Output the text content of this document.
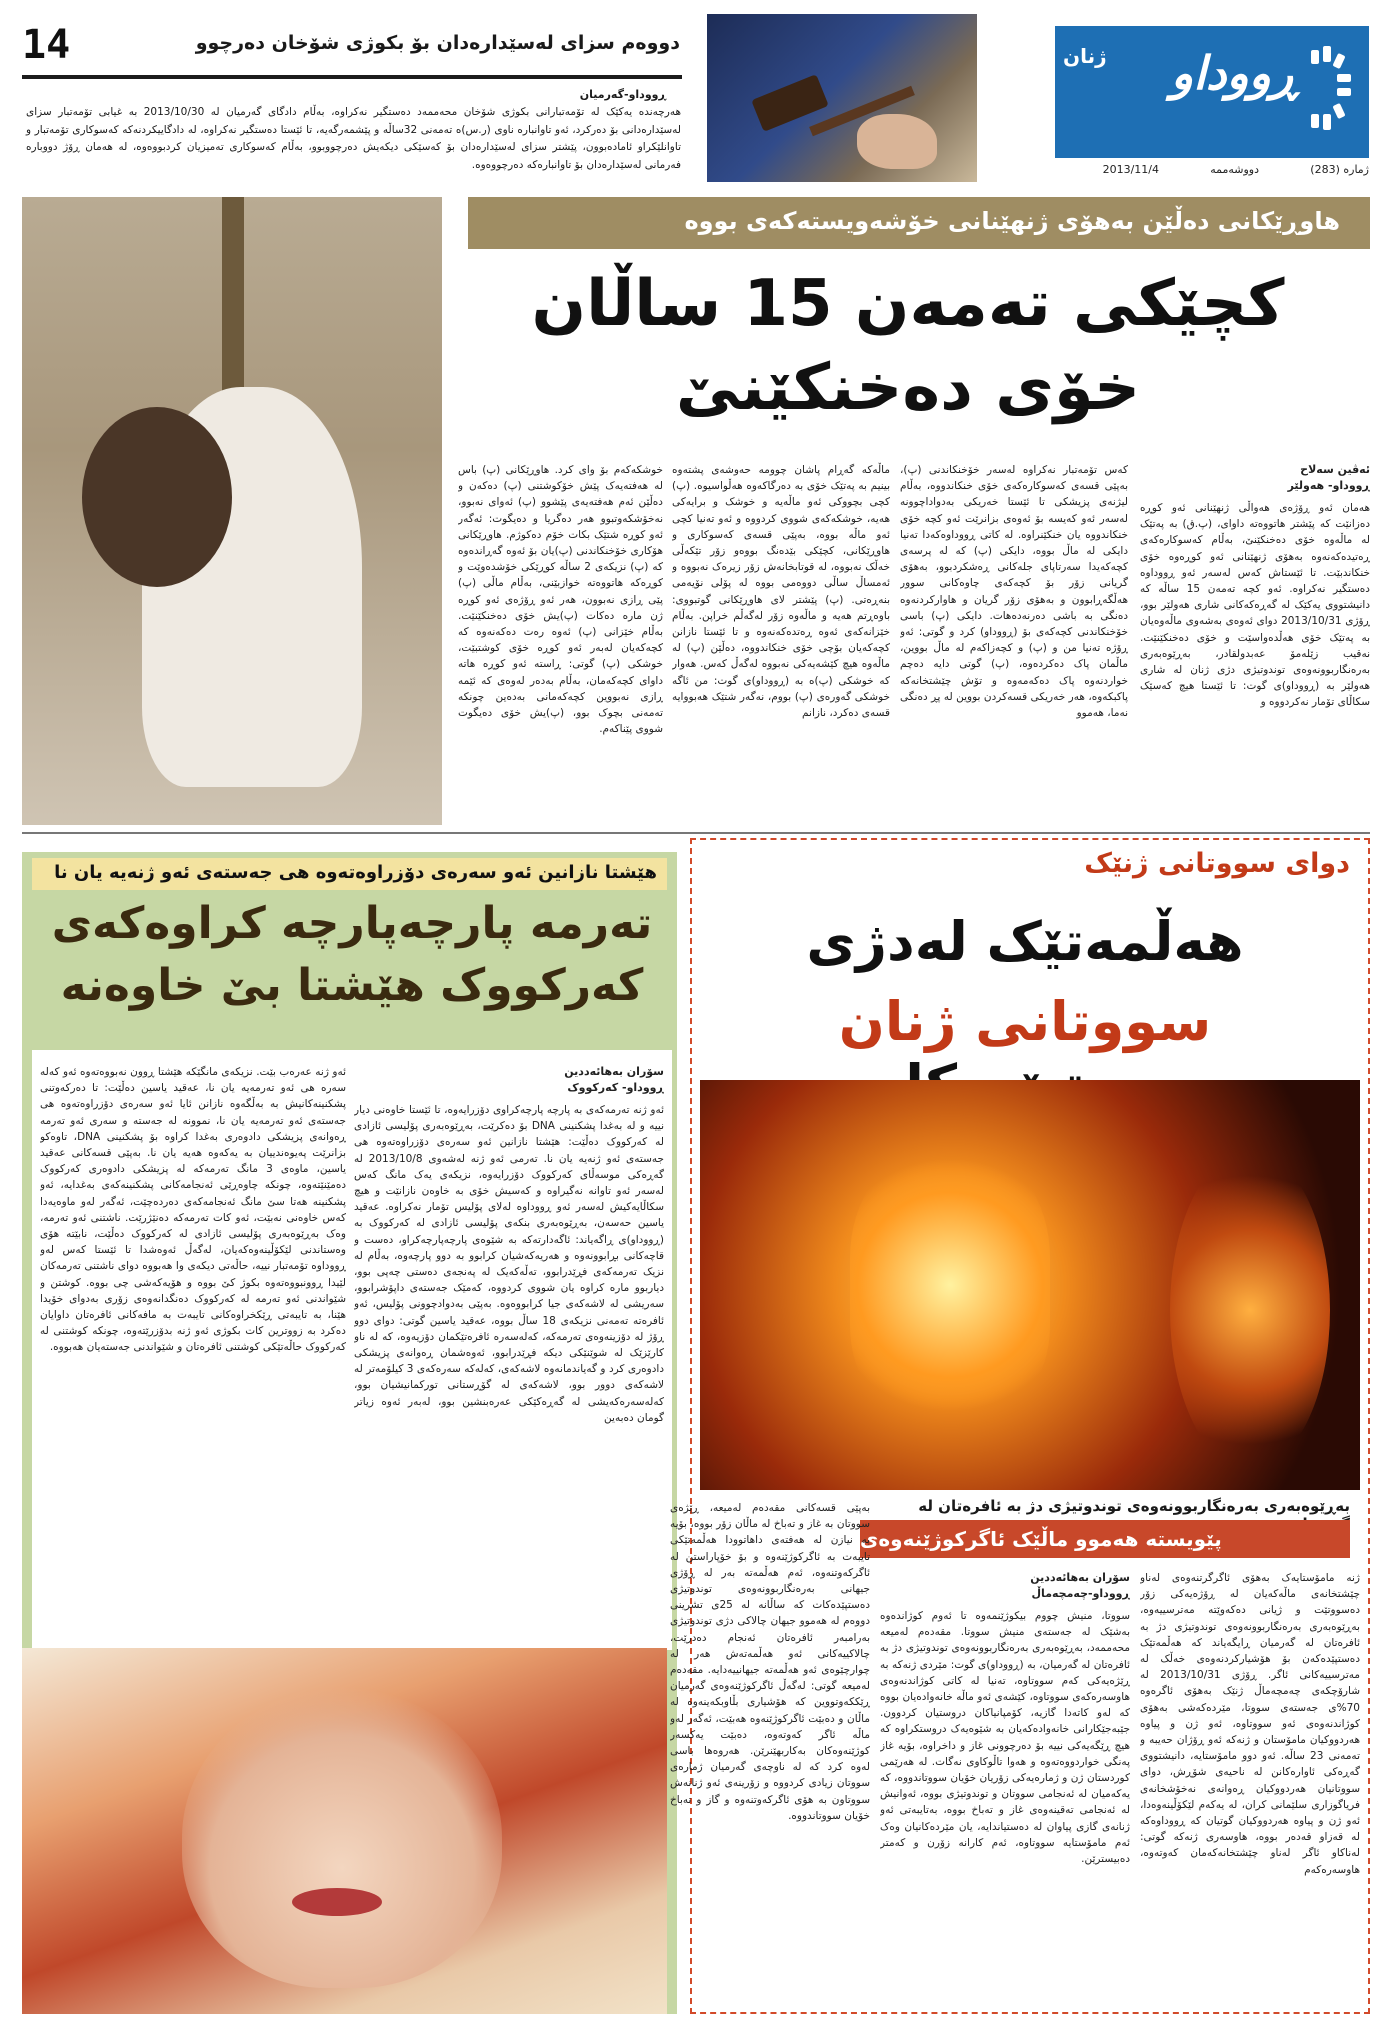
14	دووەم سزای لەسێدارەدان بۆ بکوژی شۆخان دەرچوو
ڕووداو-گەرمیان
هەرچەندە یەکێک لە تۆمەتبارانی بکوژی شۆخان محەممەد دەستگیر نەکراوە، بەڵام دادگای گەرمیان لە 2013/10/30 بە غیابی تۆمەتبار سزای لەسێدارەدانی بۆ دەرکرد، ئەو تاوانبارە ناوی (ر.س)ە تەمەنی 32ساڵە و پێشمەرگەیە، تا ئێستا دەستگیر نەکراوە، لە دادگاییکردنەکە کەسوکاری تۆمەتبار و تاوانلێکراو ئامادەبوون، پێشتر سزای لەسێدارەدان بۆ کەسێکی دیکەیش دەرچووبوو، بەڵام کەسوکاری تەمیزیان کردبووەوە، لە هەمان ڕۆژ دووبارە فەرمانی لەسێدارەدان بۆ تاوانبارەکە دەرچووەوە.
ژنان ڕووداو
ژمارە (283)
دووشەممە
2013/11/4
هاوڕێکانی دەڵێن بەهۆی ژنهێنانی خۆشەویستەکەی بووە
کچێکی تەمەن 15 ساڵان
خۆی دەخنکێنێ
ئەڤین سەلاح
ڕووداو- هەولێر

هەمان ئەو ڕۆژەی هەواڵی ژنهێنانی ئەو کوڕە دەزانێت کە پێشتر هاتووەتە داوای، (پ.ق) بە پەتێک لە ماڵەوە خۆی دەخنکێنێ، بەڵام کەسوکارەکەی ڕەتیدەکەنەوە بەهۆی ژنهێنانی ئەو کوڕەوە خۆی خنکاندبێت. تا ئێستاش کەس لەسەر ئەو ڕووداوە دەستگیر نەکراوە. ئەو کچە تەمەن 15 ساڵە کە دانیشتووی یەکێک لە گەڕەکەکانی شاری هەولێر بوو، ڕۆژی 2013/10/31 دوای ئەوەی بەشەوی ماڵەوەیان بە پەتێک خۆی هەڵدەواسێت و خۆی دەخنکێنێت. نەقیب زێلەمۆ عەبدولقادر، بەڕێوەبەری بەرەنگاربوونەوەی توندوتیژی دژی ژنان لە شاری هەولێر بە (ڕووداو)ی گوت: تا ئێستا هیچ کەسێک سکاڵای تۆمار نەکردووە و

کەس تۆمەتبار نەکراوە لەسەر خۆخنکاندنی (پ)، بەپێی قسەی کەسوکارەکەی خۆی خنکاندووە، بەڵام لیژنەی پزیشکی تا ئێستا خەریکی بەدواداچوونە لەسەر ئەو کەیسە بۆ ئەوەی بزانرێت ئەو کچە خۆی خنکاندووە یان خنکێنراوە. لە کاتی ڕووداوەکەدا تەنیا دایکی لە ماڵ بووە، دایکی (پ) کە لە پرسەی کچەکەیدا سەرتاپای جلەکانی ڕەشکردبوو، بەهۆی گریانی زۆر بۆ کچەکەی چاوەکانی سوور هەڵگەڕابوون و بەهۆی زۆر گریان و هاوارکردنەوە دەنگی بە باشی دەرنەدەهات. دایکی (پ) باسی خۆخنکاندنی کچەکەی بۆ (ڕووداو) کرد و گوتی: ئەو ڕۆژە تەنیا من و (پ) و کچەزاکەم لە ماڵ بووین، ماڵمان پاک دەکردەوە، (پ) گوتی دایە دەچم خواردنەوە پاک دەکەمەوە و تۆش چێشتخانەکە پاکبکەوە، هەر خەریکی قسەکردن بووین لە پڕ دەنگی نەما، هەموو

ماڵەکە گەڕام پاشان چوومە حەوشەی پشتەوە بینیم بە پەتێک خۆی بە دەرگاکەوە هەڵواسیوە. (پ) کچی بچووکی ئەو ماڵەیە و خوشک و برایەکی هەیە، خوشکەکەی شووی کردووە و ئەو تەنیا کچی ئەو ماڵە بووە، بەپێی قسەی کەسوکاری و هاوڕێکانی، کچێکی بێدەنگ بووەو زۆر تێکەڵی خەڵک نەبووە، لە قوتابخانەش زۆر زیرەک نەبووە و ئەمساڵ ساڵی دووەمی بووە لە پۆلی نۆیەمی بنەڕەتی. (پ) پێشتر لای هاوڕێکانی گوتبووی: باوەڕتم هەیە و ماڵەوە زۆر لەگەڵم خراپن. بەڵام خێزانەکەی ئەوە ڕەتدەکەنەوە و تا ئێستا نازانن کچەکەیان بۆچی خۆی خنکاندووە، دەڵێن (پ) لە ماڵەوە هیچ کێشەیەکی نەبووە لەگەڵ کەس. هەوار کە خوشکی (پ)ە بە (ڕووداو)ی گوت: من ئاگە خوشکی گەورەی (پ) بووم، نەگەر شتێک هەبووایە قسەی دەکرد، نازانم

خوشکەکەم بۆ وای کرد. هاوڕێکانی (پ) باس لە هەفتەیەک پێش خۆکوشتنی (پ) دەکەن و دەڵێن ئەم هەفتەیەی پێشوو (پ) ئەوای نەبوو، نەخۆشکەوتبوو هەر دەگریا و دەیگوت: ئەگەر ئەو کوڕە شتێک بکات خۆم دەکوژم. هاوڕێکانی هۆکاری خۆخنکاندنی (پ)یان بۆ ئەوە گەڕاندەوە کە (پ) نزیکەی 2 ساڵە کوڕێکی خۆشدەوێت و کوڕەکە هاتووەتە خوازبێنی، بەڵام ماڵی (پ) پێی ڕازی نەبوون، هەر ئەو ڕۆژەی ئەو کوڕە ژن مارە دەکات (پ)یش خۆی دەخنکێنێت. بەڵام خێزانی (پ) ئەوە رەت دەکەنەوە کە کچەکەیان لەبەر ئەو کوڕە خۆی کوشتبێت، خوشکی (پ) گوتی: ڕاستە ئەو کوڕە هاتە داوای کچەکەمان، بەڵام بەدەر لەوەی کە ئێمە ڕازی نەبووین کچەکەمانی بەدەین چونکە تەمەنی بچوک بوو، (پ)یش خۆی دەیگوت شووی پێناکەم.

هێشتا نازانین ئەو سەرەی دۆزراوەتەوە هی جەستەی ئەو ژنەیە یان نا
تەرمە پارچەپارچە کراوەکەی
کەرکووک هێشتا بێ خاوەنە
سۆران بەهائەددین
ڕووداو- کەرکووک

ئەو ژنە تەرمەکەی بە پارچە پارچەکراوی دۆزرایەوە، تا ئێستا خاوەنی دیار نییە و لە بەغدا پشکنینی DNA بۆ دەکرێت، بەڕێوەبەری پۆلیسی ئازادی لە کەرکووک دەڵێت: هێشتا نازانین ئەو سەرەی دۆزراوەتەوە هی جەستەی ئەو ژنەیە یان نا. تەرمی ئەو ژنە لەشەوی 2013/10/8 لە گەڕەکی موسەڵای کەرکووک دۆزرایەوە، نزیکەی یەک مانگ کەس لەسەر ئەو تاوانە نەگیراوە و کەسیش خۆی بە خاوەن نازانێت و هیچ سکاڵایەکیش لەسەر ئەو ڕووداوە لەلای پۆلیس تۆمار نەکراوە. عەقید یاسین حەسەن، بەڕێوەبەری بنکەی پۆلیسی ئازادی لە کەرکووک بە (ڕووداو)ی ڕاگەیاند: ئاگەدارتەکە بە شێوەی پارچەپارچەکراو، دەست و قاچەکانی بڕابوونەوە و هەریەکەشیان کرابوو بە دوو پارچەوە، بەڵام لە نزیک تەرمەکەی فڕێدرابوو، تەڵەکەیک لە پەنجەی دەستی چەپی بوو، دیاربوو مارە کراوە یان شووی کردووە، کەمێک جەستەی داپۆشرابوو، سەریشی لە لاشەکەی جیا کرابووەوە. بەپێی بەدوادچوونی پۆلیس، ئەو ئافرەتە تەمەنی نزیکەی 18 ساڵ بووە، عەقید یاسین گوتی: دوای دوو ڕۆژ لە دۆزینەوەی تەرمەکە، کەلەسەرە ئافرەتێکمان دۆزیەوە، کە لە ناو کارێزێک لە شوێنێکی دیکە فڕێدرابوو، ئەوەشمان ڕەوانەی پزیشکی دادوەری کرد و گەیاندمانەوە لاشەکەی، کەلەکە سەرەکەی 3 کیلۆمەتر لە لاشەکەی دوور بوو، لاشەکەی لە گۆڕستانی تورکمانیشیان بوو، کەلەسەرەکەیشی لە گەڕەکێکی عەرەبنشین بوو، لەبەر ئەوە زیاتر گومان دەبەین

ئەو ژنە عەرەب بێت. نزیکەی مانگێکە هێشتا ڕوون نەبووەتەوە ئەو کەلە سەرە هی ئەو تەرمەیە یان نا، عەقید یاسین دەڵێت: تا دەرکەوتنی پشکنینەکانیش بە بەڵگەوە نازانن ئایا ئەو سەرەی دۆزراوەتەوە هی جەستەی ئەو تەرمەیە یان نا، نموونە لە جەستە و سەری ئەو تەرمە ڕەوانەی پزیشکی دادوەری بەغدا کراوە بۆ پشکنینی DNA، تاوەکو بزانرێت پەیوەندییان بە یەکەوە هەیە یان نا. بەپێی قسەکانی عەقید یاسین، ماوەی 3 مانگ تەرمەکە لە پزیشکی دادوەری کەرکووک دەمێنێتەوە، چونکە چاوەڕێی ئەنجامەکانی پشکنینەکەی بەغدایە، ئەو پشکنینە هەتا سێ مانگ ئەنجامەکەی دەردەچێت، ئەگەر لەو ماوەیەدا کەس خاوەنی نەبێت، ئەو کات تەرمەکە دەنێژرێت. ناشتنی ئەو تەرمە، وەک بەڕێوەبەری پۆلیسی ئازادی لە کەرکووک دەڵێت، نابێتە هۆی وەستاندنی لێکۆڵینەوەکەیان، لەگەڵ ئەوەشدا تا ئێستا کەس لەو ڕووداوە تۆمەتبار نییە، حاڵەتی دیکەی وا هەبووە دوای ناشتنی تەرمەکان لێیدا ڕوونبووەتەوە بکوژ کێ بووە و هۆیەکەشی چی بووە. کوشتن و شێواندنی ئەو تەرمە لە کەرکووک دەنگدانەوەی زۆری بەدوای خۆیدا هێنا، بە تایبەتی ڕێکخراوەکانی تایبەت بە مافەکانی ئافرەتان داوایان دەکرد بە زووترین کات بکوژی ئەو ژنە بدۆزرێتەوە، چونکە کوشتنی لە کەرکووک حاڵەتێکی کوشتنی ئافرەتان و شێواندنی جەستەیان هەبووە.

دوای سووتانی ژنێک
هەڵمەتێک لەدژی
سووتانی ژنان
بەڕێوەبەری بەرەنگاربوونەوەی توندوتیژی دژ بە ئافرەتان لە
پێویستە هەموو ماڵێک ئاگرکوژێنەوەی هەبێت

ژنە مامۆستایەک بەهۆی ئاگرگرتنەوەی لەناو چێشتخانەی ماڵەکەیان لە ڕۆژەیەکی زۆر دەسووتێت و ژیانی دەکەوێتە مەترسییەوە، بەڕێوەبەری بەرەنگاربوونەوەی توندوتیژی دژ بە ئافرەتان لە گەرمیان ڕایگەیاند کە هەڵمەتێک دەستپێدەکەن بۆ هۆشیارکردنەوەی خەڵک لە مەترسییەکانی ئاگر. ڕۆژی 2013/10/31 لە شارۆچکەی چەمچەماڵ ژنێک بەهۆی ئاگرەوە 70%ی جەستەی سووتا، مێردەکەشی بەهۆی کوژاندنەوەی ئەو سووتاوە، ئەو ژن و پیاوە هەردووکیان مامۆستان و ژنەکە ئەو ڕۆژان حەیبە و تەمەنی 23 ساڵە. ئەو دوو مامۆستایە، دانیشتووی گەڕەکی ئاوارەکانن لە ناحیەی شۆڕش، دوای سووتانیان هەردووکیان ڕەوانەی نەخۆشخانەی فریاگوزاری سلێمانی کران، لە یەکەم لێکۆڵینەوەدا، ئەو ژن و پیاوە هەردووکیان گوتیان کە ڕووداوەکە لە قەزاو قەدەر بووە، هاوسەری ژنەکە گوتی: لەناکاو ئاگر لەناو چێشتخانەکەمان کەوتەوە، هاوسەرەکەم

سۆران بەهائەددین
ڕووداو-چەمچەماڵ

سووتا، منیش چووم بیکوژێنمەوە تا ئەوم کوژاندەوە بەشێک لە جەستەی منیش سووتا. مقەدەم لەمیعە محەممەد، بەڕێوەبەری بەرەنگاربوونەوەی توندوتیژی دژ بە ئافرەتان لە گەرمیان، بە (ڕووداو)ی گوت: مێردی ژنەکە بە ڕێژەیەکی کەم سووتاوە، تەنیا لە کاتی کوژاندنەوەی هاوسەرەکەی سووتاوە، کێشەی ئەو ماڵە خانەوادەیان بووە کە لەو کاتەدا گازیە، کۆمپانیاکان دروستیان کردوون. جێبەجێکارانی خانەوادەکەیان بە شێوەیەک دروستکراوە کە هیچ ڕێگەیەکی نییە بۆ دەرچوونی غاز و داخراوە، بۆیە غاز پەنگی خواردووەتەوە و هەوا تاڵوکاوی نەگات. لە هەرێمی کوردستان ژن و ژمارەیەکی زۆریان خۆیان سووتاندووە، کە یەکەمیان لە ئەنجامی سووتان و توندوتیژی بووە، ئەوانیش لە ئەنجامی تەقینەوەی غاز و تەباخ بووە، بەتایبەتی ئەو ژنانەی گازی پیاوان لە دەستیاندایە، یان مێردەکانیان وەک ئەم مامۆستایە سووتاوە، ئەم کارانە زۆرن و کەمتر دەبیسترێن.

بەپێی قسەکانی مقەدەم لەمیعە، ڕێژەی سووتان بە غاز و تەباخ لە ماڵان زۆر بووە، بۆیە بە نیازن لە هەفتەی داهاتوودا هەڵمەتێکی تایبەت بە ئاگرکوژێنەوە و بۆ خۆپاراستن لە ئاگرکەوتنەوە، ئەم هەڵمەتە بەر لە ڕۆژی جیهانی بەرەنگاربوونەوەی توندوتیژی دەستپێدەکات کە ساڵانە لە 25ی تشرینی دووەم لە هەموو جیهان چالاکی دژی توندوتیژی بەرامبەر ئافرەتان ئەنجام دەدرێت، چالاکییەکانی ئەو هەڵمەتەش هەر لە چوارچێوەی ئەو هەڵمەتە جیهانییەدایە. مقەدەم لەمیعە گوتی: لەگەڵ ئاگرکوژێنەوەی گەرمیان ڕێککەوتووین کە هۆشیاری بڵاوبکەینەوە لە ماڵان و دەبێت ئاگرکوژێنەوە هەبێت، ئەگەر لەو ماڵە ئاگر کەوتەوە، دەبێت یەکسەر کوژێنەوەکان بەکاربهێنرێن. هەروەها باسی لەوە کرد کە لە ناوچەی گەرمیان ژمارەی سووتان زیادی کردووە و زۆرینەی ئەو ژنانەش سووتاون بە هۆی ئاگرکەوتنەوە و گاز و تەباخ خۆیان سووتاندووە.
